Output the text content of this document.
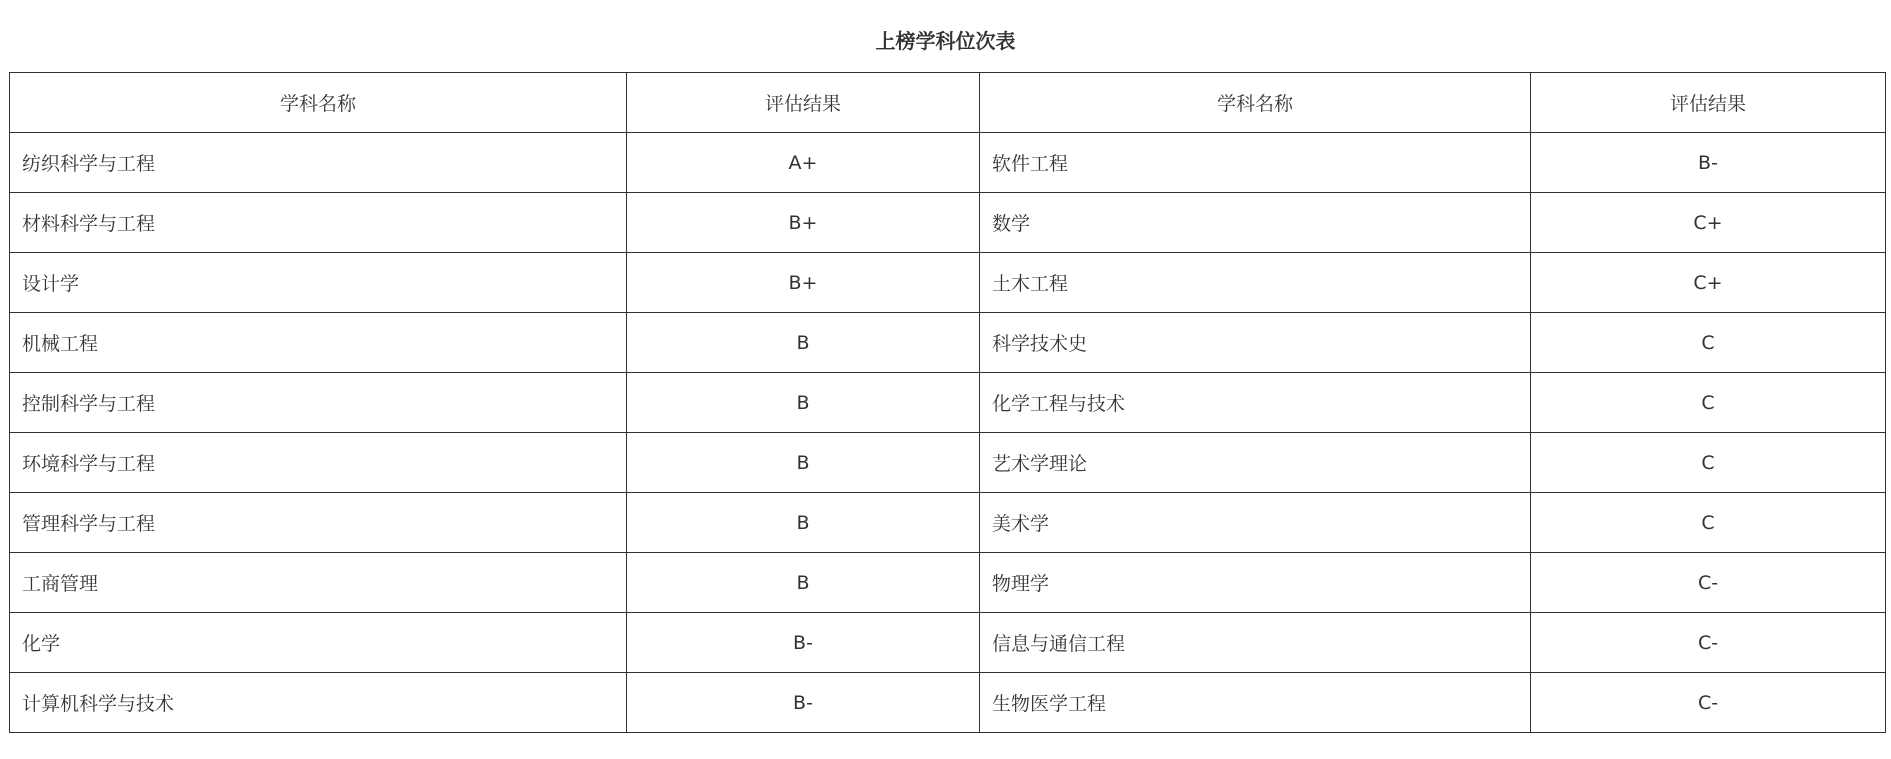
上榜学科位次表
学科名称	评估结果	学科名称	评估结果
纺织科学与工程	A+	软件工程	B-
材料科学与工程	B+	数学	C+
设计学	B+	土木工程	C+
机械工程	B	科学技术史	C
控制科学与工程	B	化学工程与技术	C
环境科学与工程	B	艺术学理论	C
管理科学与工程	B	美术学	C
工商管理	B	物理学	C-
化学	B-	信息与通信工程	C-
计算机科学与技术	B-	生物医学工程	C-
